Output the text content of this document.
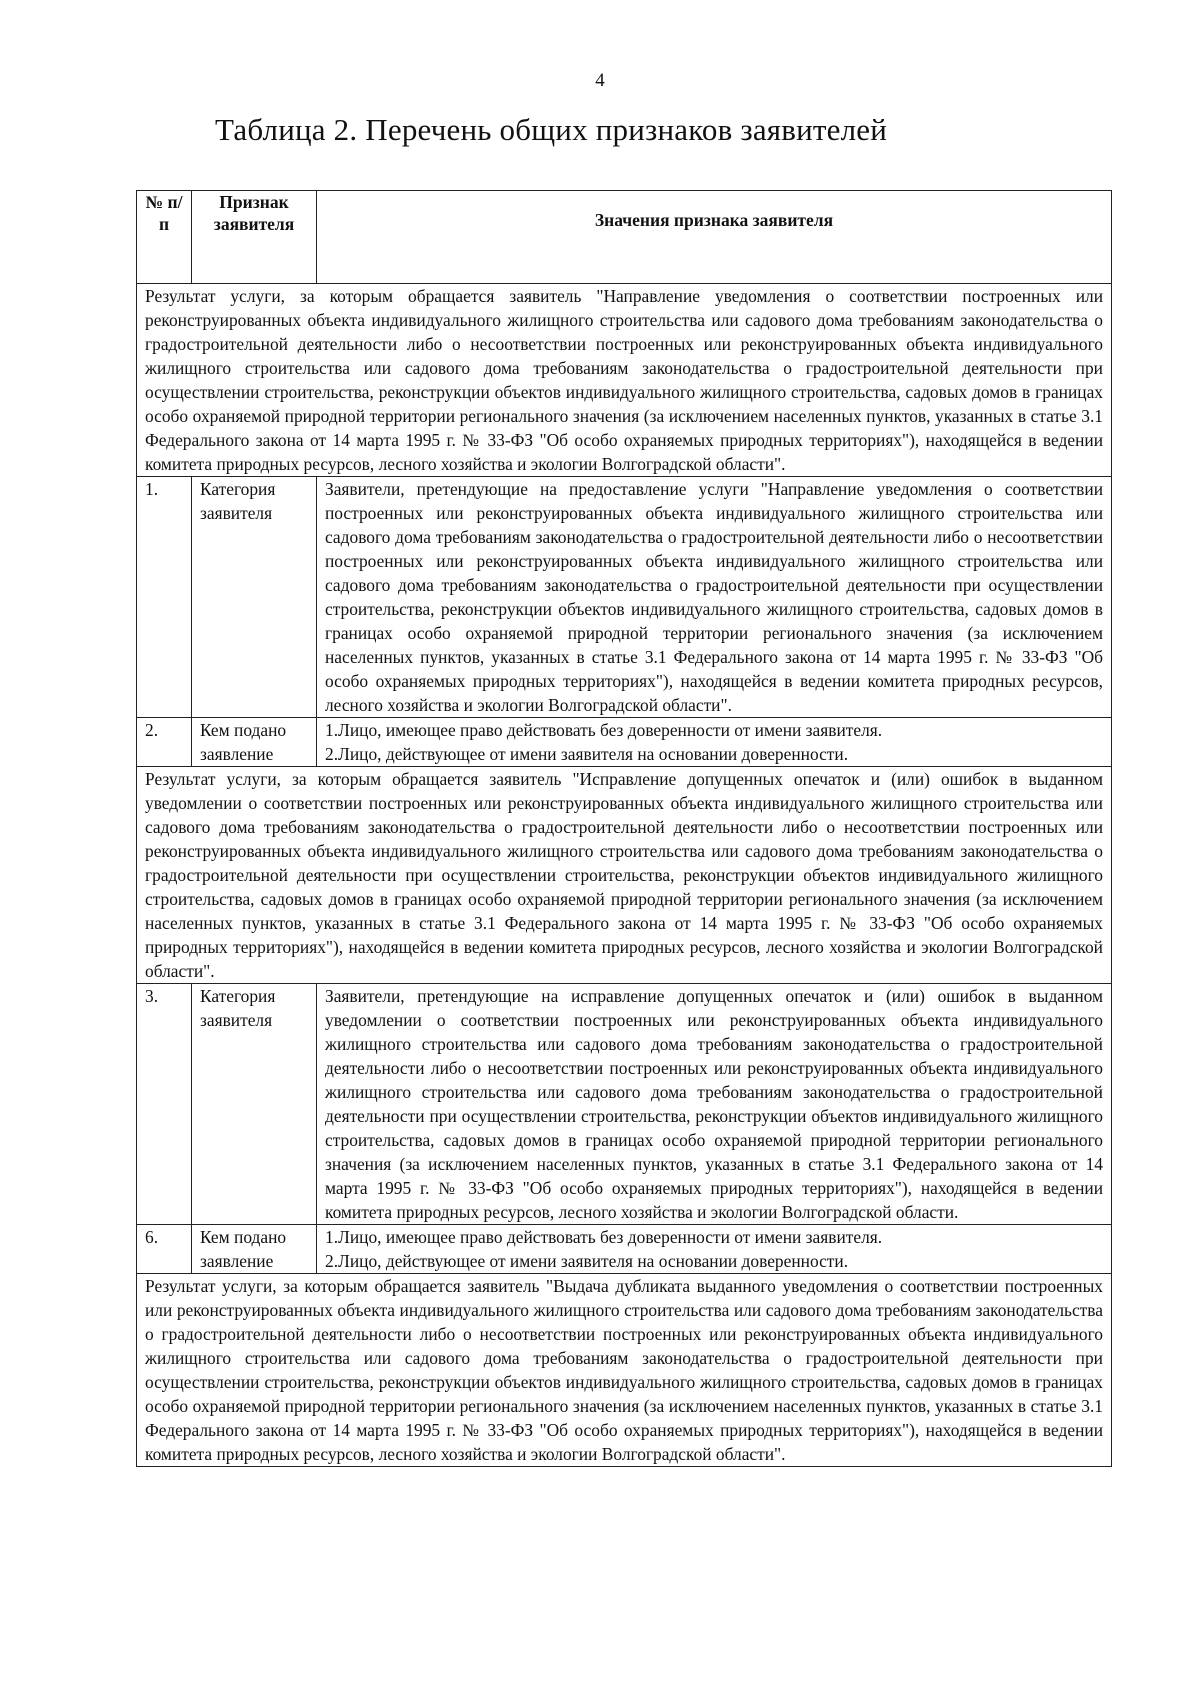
4
Таблица 2. Перечень общих признаков заявителей
№ п/п	Признак заявителя	Значения признака заявителя
Результат услуги, за которым обращается заявитель "Направление уведомления о соответствии построенных или реконструированных объекта индивидуального жилищного строительства или садового дома требованиям законодательства о градостроительной деятельности либо о несоответствии построенных или реконструированных объекта индивидуального жилищного строительства или садового дома требованиям законодательства о градостроительной деятельности при осуществлении строительства, реконструкции объектов индивидуального жилищного строительства, садовых домов в границах особо охраняемой природной территории регионального значения (за исключением населенных пунктов, указанных в статье 3.1 Федерального закона от 14 марта 1995 г. № 33-ФЗ "Об особо охраняемых природных территориях"), находящейся в ведении комитета природных ресурсов, лесного хозяйства и экологии Волгоградской области".		
1.	Категория заявителя	Заявители, претендующие на предоставление услуги "Направление уведомления о соответствии построенных или реконструированных объекта индивидуального жилищного строительства или садового дома требованиям законодательства о градостроительной деятельности либо о несоответствии построенных или реконструированных объекта индивидуального жилищного строительства или садового дома требованиям законодательства о градостроительной деятельности при осуществлении строительства, реконструкции объектов индивидуального жилищного строительства, садовых домов в границах особо охраняемой природной территории регионального значения (за исключением населенных пунктов, указанных в статье 3.1 Федерального закона от 14 марта 1995 г. № 33-ФЗ "Об особо охраняемых природных территориях"), находящейся в ведении комитета природных ресурсов, лесного хозяйства и экологии Волгоградской области".

2.	Кем подано заявление	1.Лицо, имеющее право действовать без доверенности от имени заявителя.

2.Лицо, действующее от имени заявителя на основании доверенности.

Результат услуги, за которым обращается заявитель "Исправление допущенных опечаток и (или) ошибок в выданном уведомлении о соответствии построенных или реконструированных объекта индивидуального жилищного строительства или садового дома требованиям законодательства о градостроительной деятельности либо о несоответствии построенных или реконструированных объекта индивидуального жилищного строительства или садового дома требованиям законодательства о градостроительной деятельности при осуществлении строительства, реконструкции объектов индивидуального жилищного строительства, садовых домов в границах особо охраняемой природной территории регионального значения (за исключением населенных пунктов, указанных в статье 3.1 Федерального закона от 14 марта 1995 г. № 33-ФЗ "Об особо охраняемых природных территориях"), находящейся в ведении комитета природных ресурсов, лесного хозяйства и экологии Волгоградской области".		
3.	Категория заявителя	Заявители, претендующие на исправление допущенных опечаток и (или) ошибок в выданном уведомлении о соответствии построенных или реконструированных объекта индивидуального жилищного строительства или садового дома требованиям законодательства о градостроительной деятельности либо о несоответствии построенных или реконструированных объекта индивидуального жилищного строительства или садового дома требованиям законодательства о градостроительной деятельности при осуществлении строительства, реконструкции объектов индивидуального жилищного строительства, садовых домов в границах особо охраняемой природной территории регионального значения (за исключением населенных пунктов, указанных в статье 3.1 Федерального закона от 14 марта 1995 г. № 33-ФЗ "Об особо охраняемых природных территориях"), находящейся в ведении комитета природных ресурсов, лесного хозяйства и экологии Волгоградской области.

6.	Кем подано заявление	1.Лицо, имеющее право действовать без доверенности от имени заявителя.

2.Лицо, действующее от имени заявителя на основании доверенности.

Результат услуги, за которым обращается заявитель "Выдача дубликата выданного уведомления о соответствии построенных или реконструированных объекта индивидуального жилищного строительства или садового дома требованиям законодательства о градостроительной деятельности либо о несоответствии построенных или реконструированных объекта индивидуального жилищного строительства или садового дома требованиям законодательства о градостроительной деятельности при осуществлении строительства, реконструкции объектов индивидуального жилищного строительства, садовых домов в границах особо охраняемой природной территории регионального значения (за исключением населенных пунктов, указанных в статье 3.1 Федерального закона от 14 марта 1995 г. № 33-ФЗ "Об особо охраняемых природных территориях"), находящейся в ведении комитета природных ресурсов, лесного хозяйства и экологии Волгоградской области".		
